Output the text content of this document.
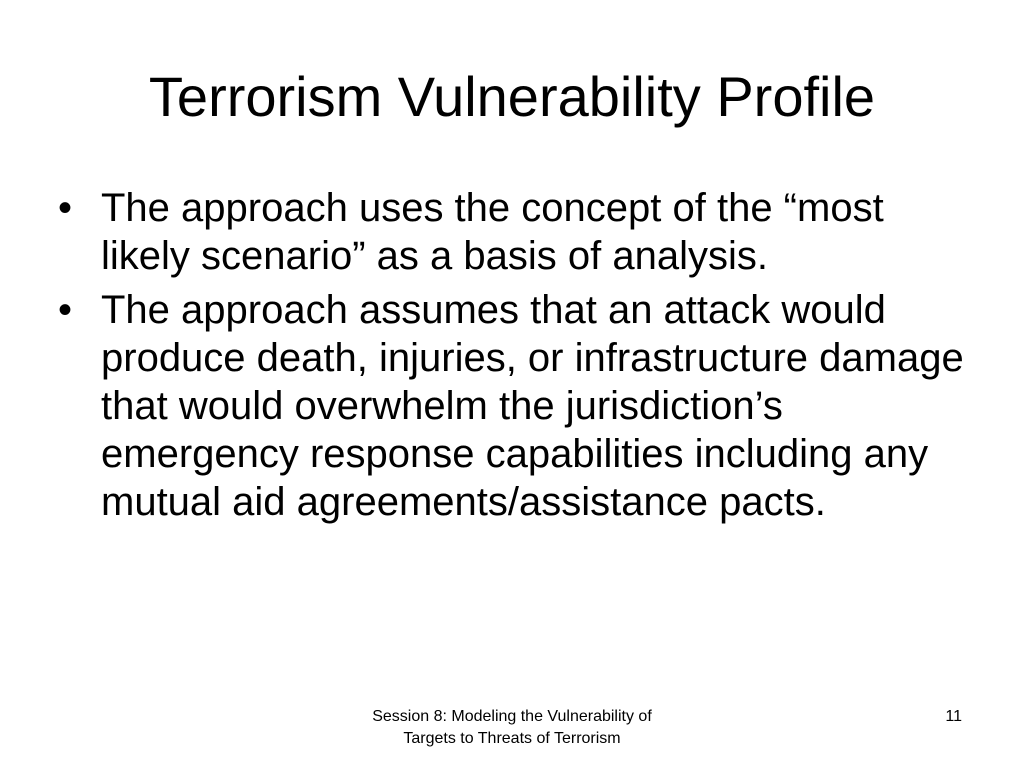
Terrorism Vulnerability Profile
• The approach uses the concept of the “most likely scenario” as a basis of analysis.
• The approach assumes that an attack would produce death, injuries, or infrastructure damage that would overwhelm the jurisdiction’s emergency response capabilities including any mutual aid agreements/assistance pacts.
Session 8: Modeling the Vulnerability of Targets to Threats of Terrorism
11
